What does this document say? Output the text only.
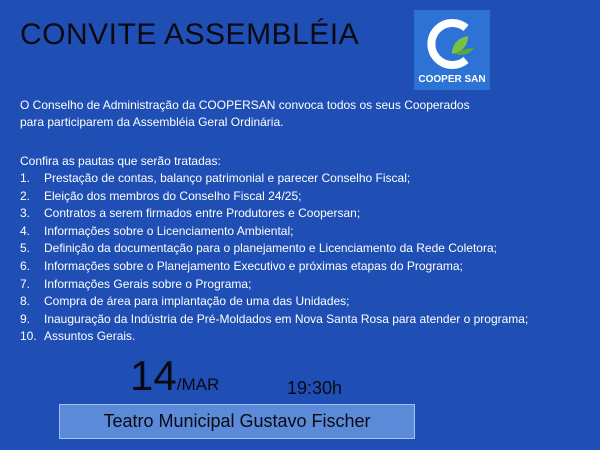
CONVITE ASSEMBLÉIA
COOPER SAN

O Conselho de Administração da COOPERSAN convoca todos os seus Cooperados
para participarem da Assembléia Geral Ordinária.

Confira as pautas que serão tratadas:

1. Prestação de contas, balanço patrimonial e parecer Conselho Fiscal;
2. Eleição dos membros do Conselho Fiscal 24/25;
3. Contratos a serem firmados entre Produtores e Coopersan;
4. Informações sobre o Licenciamento Ambiental;
5. Definição da documentação para o planejamento e Licenciamento da Rede Coletora;
6. Informações sobre o Planejamento Executivo e próximas etapas do Programa;
7. Informações Gerais sobre o Programa;
8. Compra de área para implantação de uma das Unidades;
9. Inauguração da Indústria de Pré-Moldados em Nova Santa Rosa para atender o programa;
10. Assuntos Gerais.
14/MAR	19:30h
Teatro Municipal Gustavo Fischer
